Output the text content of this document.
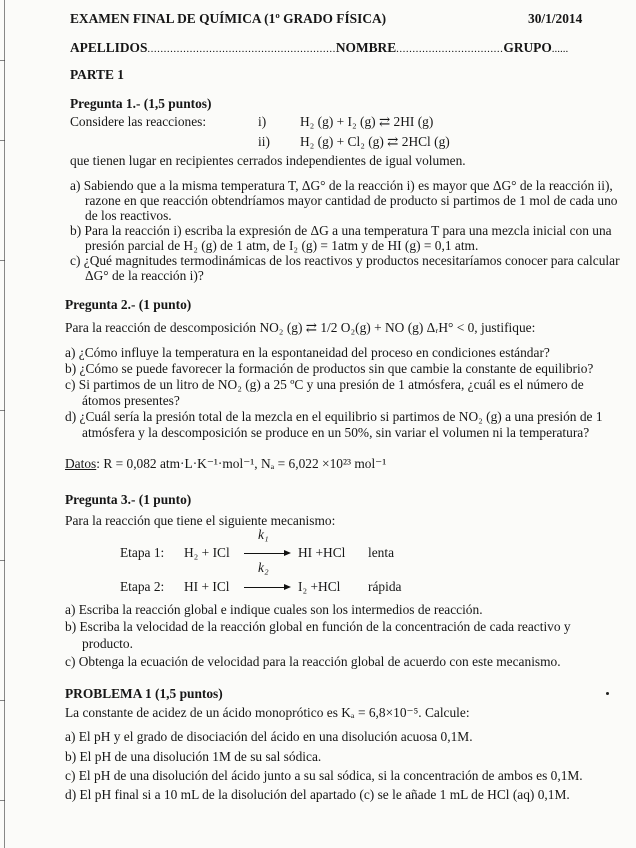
EXAMEN FINAL DE QUÍMICA (1º GRADO FÍSICA)	30/1/2014
APELLIDOS..........................................................NOMBRE.................................GRUPO......
PARTE 1
Pregunta 1.- (1,5 puntos)
Considere las reacciones:	i)	H₂ (g) + I₂ (g) ⇄ 2HI (g)
ii) H₂ (g) + Cl₂ (g) ⇄ 2HCl (g)
que tienen lugar en recipientes cerrados independientes de igual volumen.
a) Sabiendo que a la misma temperatura T, ΔG° de la reacción i) es mayor que ΔG° de la reacción ii),
razone en que reacción obtendríamos mayor cantidad de producto si partimos de 1 mol de cada uno
de los reactivos.
b) Para la reacción i) escriba la expresión de ΔG a una temperatura T para una mezcla inicial con una
presión parcial de H₂ (g) de 1 atm, de I₂ (g) = 1atm y de HI (g) = 0,1 atm.
c) ¿Qué magnitudes termodinámicas de los reactivos y productos necesitaríamos conocer para calcular
ΔG° de la reacción i)?
Pregunta 2.- (1 punto)
Para la reacción de descomposición NO₂ (g) ⇄ 1/2 O₂(g) + NO (g) ΔᵣH° < 0, justifique:
a) ¿Cómo influye la temperatura en la espontaneidad del proceso en condiciones estándar?
b) ¿Cómo se puede favorecer la formación de productos sin que cambie la constante de equilibrio?
c) Si partimos de un litro de NO₂ (g) a 25 ºC y una presión de 1 atmósfera, ¿cuál es el número de
átomos presentes?
d) ¿Cuál sería la presión total de la mezcla en el equilibrio si partimos de NO₂ (g) a una presión de 1
atmósfera y la descomposición se produce en un 50%, sin variar el volumen ni la temperatura?
Datos: R = 0,082 atm·L·K⁻¹·mol⁻¹, Nₐ = 6,022 ×10²³ mol⁻¹
Pregunta 3.- (1 punto)
Para la reacción que tiene el siguiente mecanismo:
Etapa 1: H₂ + ICl
k₁
HI +HCl lenta
Etapa 2: HI + ICl
k₂
I₂ +HCl rápida
a) Escriba la reacción global e indique cuales son los intermedios de reacción.
b) Escriba la velocidad de la reacción global en función de la concentración de cada reactivo y
producto.
c) Obtenga la ecuación de velocidad para la reacción global de acuerdo con este mecanismo.
PROBLEMA 1 (1,5 puntos)
La constante de acidez de un ácido monoprótico es Kₐ = 6,8×10⁻⁵. Calcule:
a) El pH y el grado de disociación del ácido en una disolución acuosa 0,1M.
b) El pH de una disolución 1M de su sal sódica.
c) El pH de una disolución del ácido junto a su sal sódica, si la concentración de ambos es 0,1M.
d) El pH final si a 10 mL de la disolución del apartado (c) se le añade 1 mL de HCl (aq) 0,1M.
